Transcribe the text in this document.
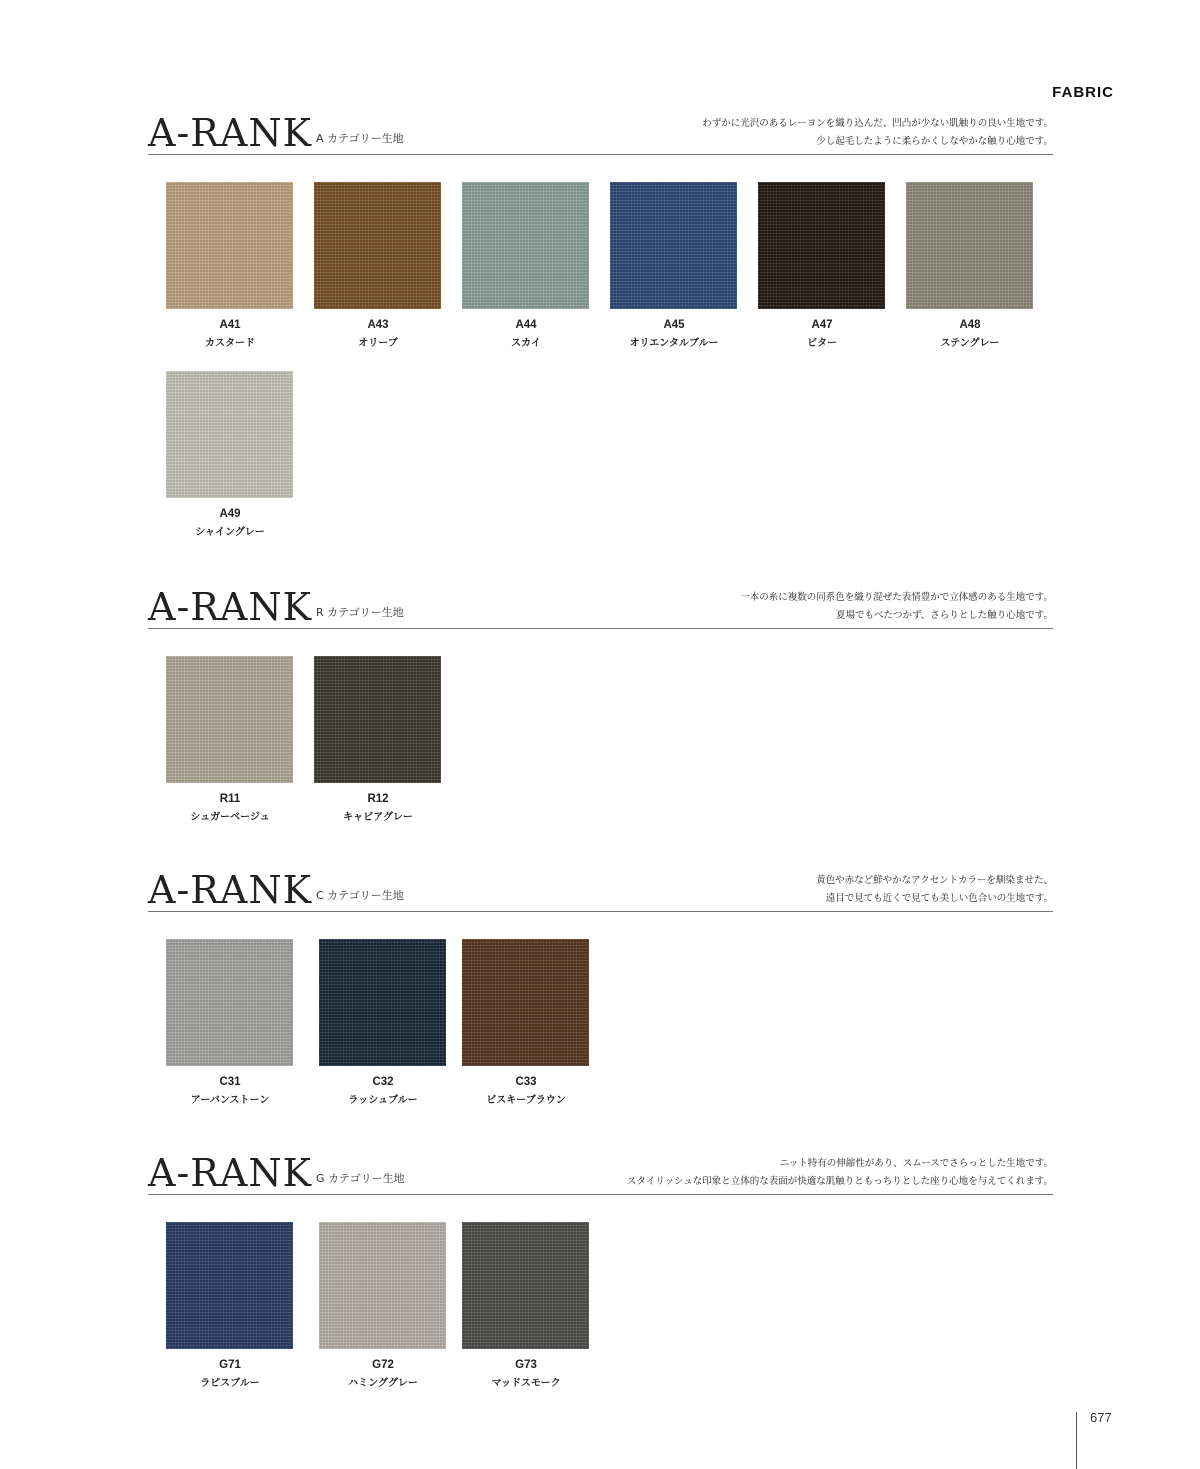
FABRIC
A-RANK A カテゴリー生地
わずかに光沢のあるレーヨンを織り込んだ、凹凸が少ない肌触りの良い生地です。
少し起毛したように柔らかくしなやかな触り心地です。
A41
カスタード
A43
オリーブ
A44
スカイ
A45
オリエンタルブルー
A47
ビター
A48
ステングレー
A49
シャイングレー
A-RANK R カテゴリー生地
一本の糸に複数の同系色を織り混ぜた表情豊かで立体感のある生地です。
夏場でもべたつかず、さらりとした触り心地です。
R11
シュガーベージュ
R12
キャビアグレー
A-RANK C カテゴリー生地
黄色や赤など鮮やかなアクセントカラーを馴染ませた、
遠目で見ても近くで見ても美しい色合いの生地です。
C31
アーバンストーン
C32
ラッシュブルー
C33
ビスキーブラウン
A-RANK G カテゴリー生地
ニット特有の伸縮性があり、スムースでさらっとした生地です。
スタイリッシュな印象と立体的な表面が快適な肌触りともっちりとした座り心地を与えてくれます。
G71
ラピスブルー
G72
ハミンググレー
G73
マッドスモーク
677
